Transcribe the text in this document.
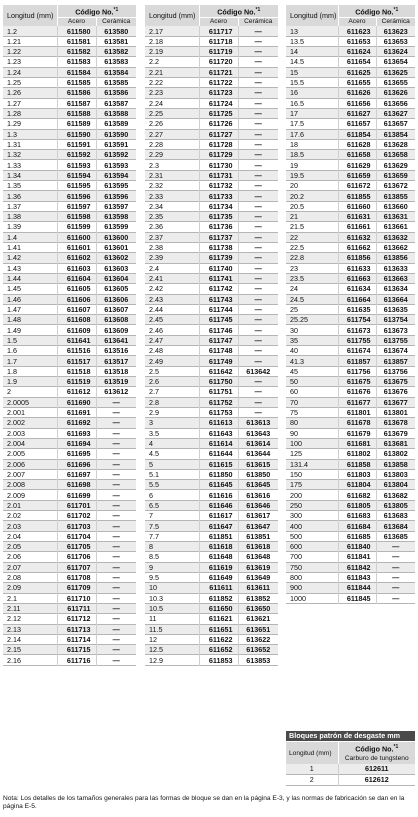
Longitud (mm)	Código No.$^{*1}$
	Acero	Cerámica
1.2	611580	613580
1.21	611581	613581
1.22	611582	613582
1.23	611583	613583
1.24	611584	613584
1.25	611585	613585
1.26	611586	613586
1.27	611587	613587
1.28	611588	613588
1.29	611589	613589
1.3	611590	613590
1.31	611591	613591
1.32	611592	613592
1.33	611593	613593
1.34	611594	613594
1.35	611595	613595
1.36	611596	613596
1.37	611597	613597
1.38	611598	613598
1.39	611599	613599
1.4	611600	613600
1.41	611601	613601
1.42	611602	613602
1.43	611603	613603
1.44	611604	613604
1.45	611605	613605
1.46	611606	613606
1.47	611607	613607
1.48	611608	613608
1.49	611609	613609
1.5	611641	613641
1.6	611516	613516
1.7	611517	613517
1.8	611518	613518
1.9	611519	613519
2	611612	613612
2.0005	611690	—
2.001	611691	—
2.002	611692	—
2.003	611693	—
2.004	611694	—
2.005	611695	—
2.006	611696	—
2.007	611697	—
2.008	611698	—
2.009	611699	—
2.01	611701	—
2.02	611702	—
2.03	611703	—
2.04	611704	—
2.05	611705	—
2.06	611706	—
2.07	611707	—
2.08	611708	—
2.09	611709	—
2.1	611710	—
2.11	611711	—
2.12	611712	—
2.13	611713	—
2.14	611714	—
2.15	611715	—
2.16	611716	—
Longitud (mm)	Código No.$^{*1}$
	Acero	Cerámica
2.17	611717	—
2.18	611718	—
2.19	611719	—
2.2	611720	—
2.21	611721	—
2.22	611722	—
2.23	611723	—
2.24	611724	—
2.25	611725	—
2.26	611726	—
2.27	611727	—
2.28	611728	—
2.29	611729	—
2.3	611730	—
2.31	611731	—
2.32	611732	—
2.33	611733	—
2.34	611734	—
2.35	611735	—
2.36	611736	—
2.37	611737	—
2.38	611738	—
2.39	611739	—
2.4	611740	—
2.41	611741	—
2.42	611742	—
2.43	611743	—
2.44	611744	—
2.45	611745	—
2.46	611746	—
2.47	611747	—
2.48	611748	—
2.49	611749	—
2.5	611642	613642
2.6	611750	—
2.7	611751	—
2.8	611752	—
2.9	611753	—
3	611613	613613
3.5	611643	613643
4	611614	613614
4.5	611644	613644
5	611615	613615
5.1	611850	613850
5.5	611645	613645
6	611616	613616
6.5	611646	613646
7	611617	613617
7.5	611647	613647
7.7	611851	613851
8	611618	613618
8.5	611648	613648
9	611619	613619
9.5	611649	613649
10	611611	613611
10.3	611852	613852
10.5	611650	613650
11	611621	613621
11.5	611651	613651
12	611622	613622
12.5	611652	613652
12.9	611853	613853
Longitud (mm)	Código No.$^{*1}$
	Acero	Cerámica
13	611623	613623
13.5	611653	613653
14	611624	613624
14.5	611654	613654
15	611625	613625
15.5	611655	613655
16	611626	613626
16.5	611656	613656
17	611627	613627
17.5	611657	613657
17.6	611854	613854
18	611628	613628
18.5	611658	613658
19	611629	613629
19.5	611659	613659
20	611672	613672
20.2	611855	613855
20.5	611660	613660
21	611631	613631
21.5	611661	613661
22	611632	613632
22.5	611662	613662
22.8	611856	613856
23	611633	613633
23.5	611663	613663
24	611634	613634
24.5	611664	613664
25	611635	613635
25.25	611754	613754
30	611673	613673
35	611755	613755
40	611674	613674
41.3	611857	613857
45	611756	613756
50	611675	613675
60	611676	613676
70	611677	613677
75	611801	613801
80	611678	613678
90	611679	613679
100	611681	613681
125	611802	613802
131.4	611858	613858
150	611803	613803
175	611804	613804
200	611682	613682
250	611805	613805
300	611683	613683
400	611684	613684
500	611685	613685
600	611840	—
700	611841	—
750	611842	—
800	611843	—
900	611844	—
1000	611845	—
Bloques patrón de desgaste mm
Longitud (mm)	Código No.$^{*1}$
	Carburo de tungsteno
1	612611
2	612612
Nota: Los detalles de los tamaños generales para las formas de bloque se dan en la página E-3, y las normas de fabricación se dan en la página E-5.
